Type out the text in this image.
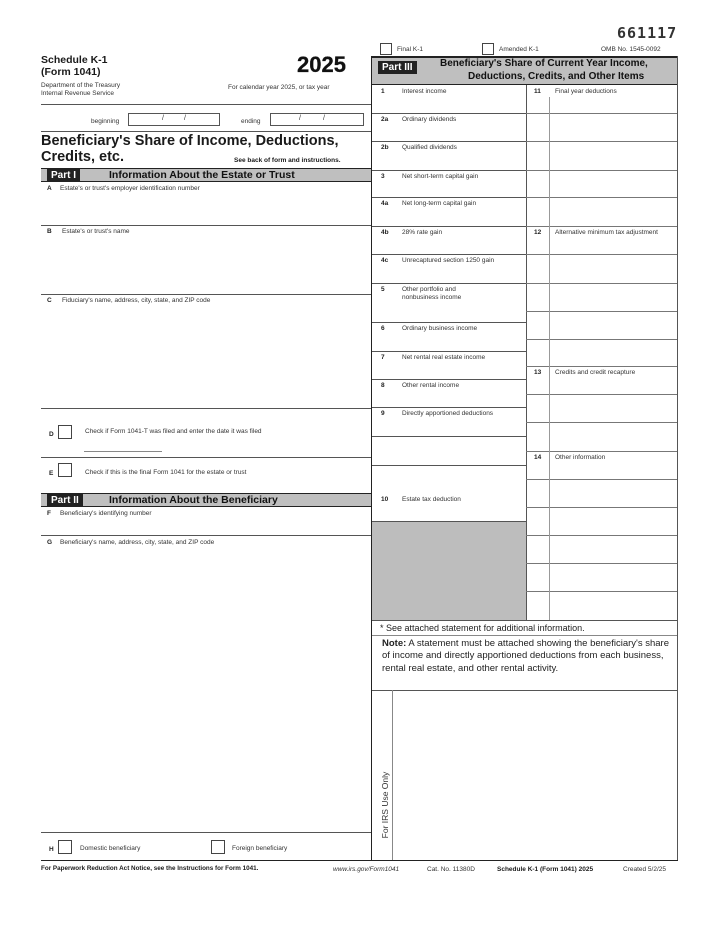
661117
Schedule K-1
(Form 1041)
Department of the Treasury
Internal Revenue Service
2025
For calendar year 2025, or tax year
beginning	/	/	ending	/	/
Beneficiary's Share of Income, Deductions,
Credits, etc.	See back of form and instructions.
Final K-1	Amended K-1	OMB No. 1545-0092
Part I	Information About the Estate or Trust
A Estate's or trust's employer identification number
B Estate's or trust's name
C Fiduciary's name, address, city, state, and ZIP code
D	Check if Form 1041-T was filed and enter the date it was filed
E	Check if this is the final Form 1041 for the estate or trust
Part II	Information About the Beneficiary
F Beneficiary's identifying number
G Beneficiary's name, address, city, state, and ZIP code
H	Domestic beneficiary	Foreign beneficiary
Part III	Beneficiary's Share of Current Year Income,
Deductions, Credits, and Other Items
1	Interest income
2a Ordinary dividends
2b Qualified dividends
3	Net short-term capital gain
4a Net long-term capital gain
4b 28% rate gain
4c Unrecaptured section 1250 gain
5	Other portfolio and nonbusiness income
6	Ordinary business income
7	Net rental real estate income
8	Other rental income
9	Directly apportioned deductions
10 Estate tax deduction
11 Final year deductions
12 Alternative minimum tax adjustment
13 Credits and credit recapture
14 Other information
* See attached statement for additional information.
Note: A statement must be attached showing the beneficiary's share of income and directly apportioned deductions from each business, rental real estate, and other rental activity.
For IRS Use Only
For Paperwork Reduction Act Notice, see the Instructions for Form 1041.	www.irs.gov/Form1041	Cat. No. 11380D	Schedule K-1 (Form 1041) 2025	Created 5/2/25
